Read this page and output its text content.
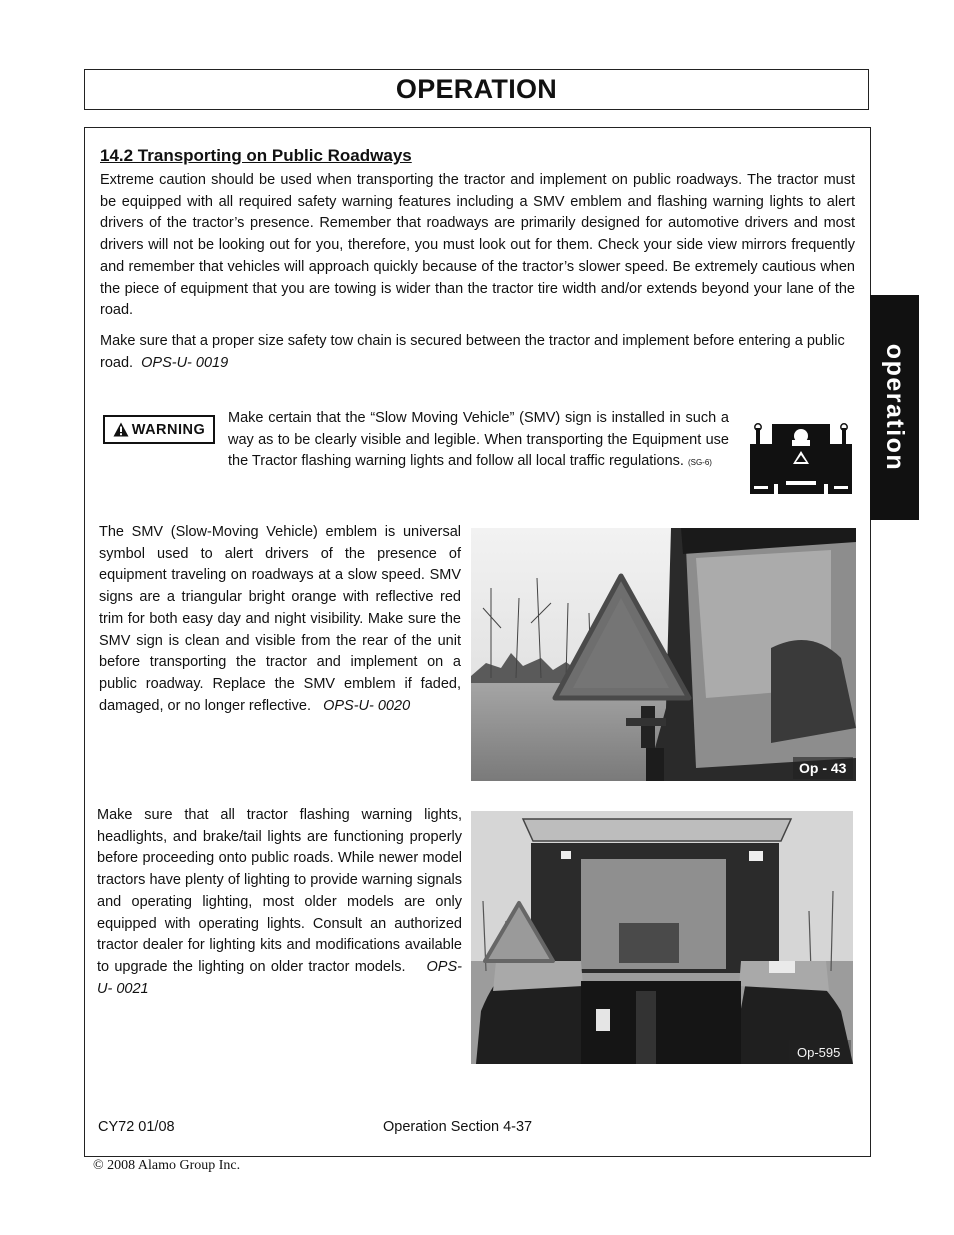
OPERATION
operation
14.2 Transporting on Public Roadways
Extreme caution should be used when transporting the tractor and implement on public roadways. The tractor must be equipped with all required safety warning features including a SMV emblem and flashing warning lights to alert drivers of the tractor’s presence. Remember that roadways are primarily designed for automotive drivers and most drivers will not be looking out for you, therefore, you must look out for them. Check your side view mirrors frequently and remember that vehicles will approach quickly because of the tractor’s slower speed. Be extremely cautious when the piece of equipment that you are towing is wider than the tractor tire width and/or extends beyond your lane of the road.
Make sure that a proper size safety tow chain is secured between the tractor and implement before entering a public road. OPS-U- 0019
WARNING
Make certain that the “Slow Moving Vehicle” (SMV) sign is installed in such a way as to be clearly visible and legible. When transporting the Equipment use the Tractor flashing warning lights and follow all local traffic regulations. (SG-6)
The SMV (Slow-Moving Vehicle) emblem is universal symbol used to alert drivers of the presence of equipment traveling on roadways at a slow speed. SMV signs are a triangular bright orange with reflective red trim for both easy day and night visibility. Make sure the SMV sign is clean and visible from the rear of the unit before transporting the tractor and implement on a public roadway. Replace the SMV emblem if faded, damaged, or no longer reflective. OPS-U- 0020
Op - 43
Make sure that all tractor flashing warning lights, headlights, and brake/tail lights are functioning properly before proceeding onto public roads. While newer model tractors have plenty of lighting to provide warning signals and operating lighting, most older models are only equipped with operating lights. Consult an authorized tractor dealer for lighting kits and modifications available to upgrade the lighting on older tractor models. OPS-U- 0021
Op-595
CY72 01/08	Operation Section 4-37
© 2008 Alamo Group Inc.
